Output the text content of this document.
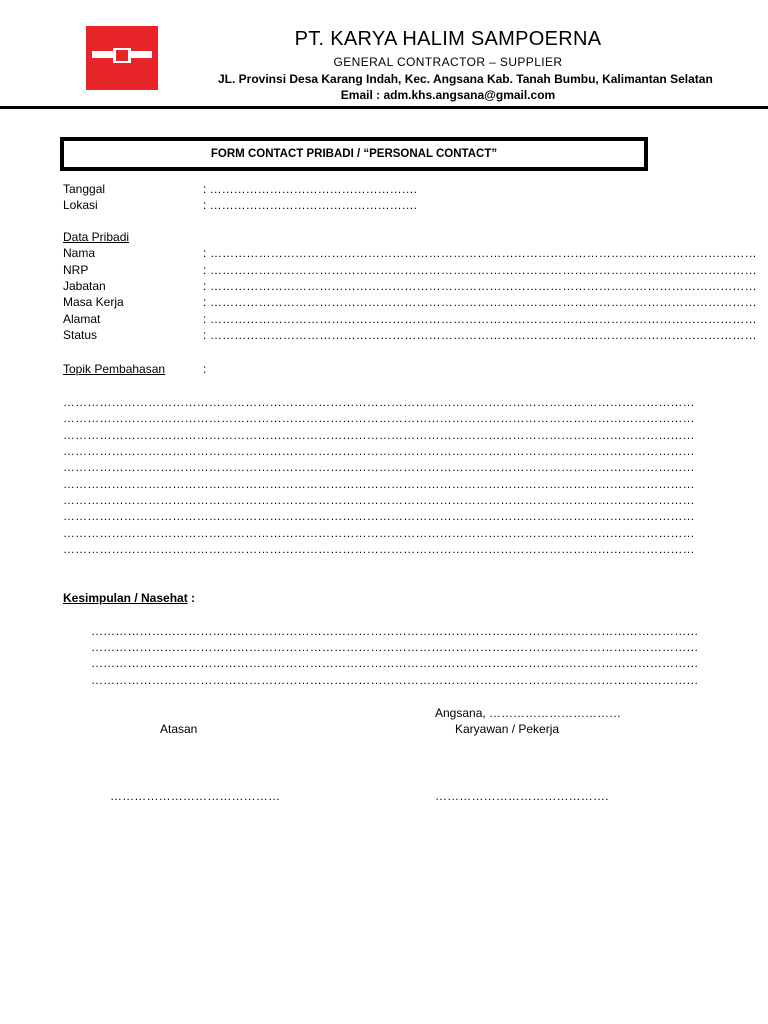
PT. KARYA HALIM SAMPOERNA
GENERAL CONTRACTOR – SUPPLIER
JL. Provinsi Desa Karang Indah, Kec. Angsana Kab. Tanah Bumbu, Kalimantan Selatan
Email : adm.khs.angsana@gmail.com
FORM CONTACT PRIBADI / “PERSONAL CONTACT”
Tanggal	: …………………………………………….
Lokasi	: …………………………………………….
Data Pribadi
Nama	: ………………………………………………………………………………………………………………………
NRP	: ………………………………………………………………………………………………………………………
Jabatan	: ………………………………………………………………………………………………………………………
Masa Kerja	: ………………………………………………………………………………………………………………………
Alamat	: ………………………………………………………………………………………………………………………
Status	: ………………………………………………………………………………………………………………………
Topik Pembahasan	:
…………………………………………………………………………………………………………………………………………
…………………………………………………………………………………………………………………………………………
…………………………………………………………………………………………………………………………………………
…………………………………………………………………………………………………………………………………………
…………………………………………………………………………………………………………………………………………
…………………………………………………………………………………………………………………………………………
…………………………………………………………………………………………………………………………………………
…………………………………………………………………………………………………………………………………………
…………………………………………………………………………………………………………………………………………
…………………………………………………………………………………………………………………………………………
Kesimpulan / Nasehat :
……………………………………………………………………………………………………………………………………
……………………………………………………………………………………………………………………………………
……………………………………………………………………………………………………………………………………
……………………………………………………………………………………………………………………………………
Angsana, ……………………………
Atasan	Karyawan / Pekerja
……………………………………	…………………………………….
